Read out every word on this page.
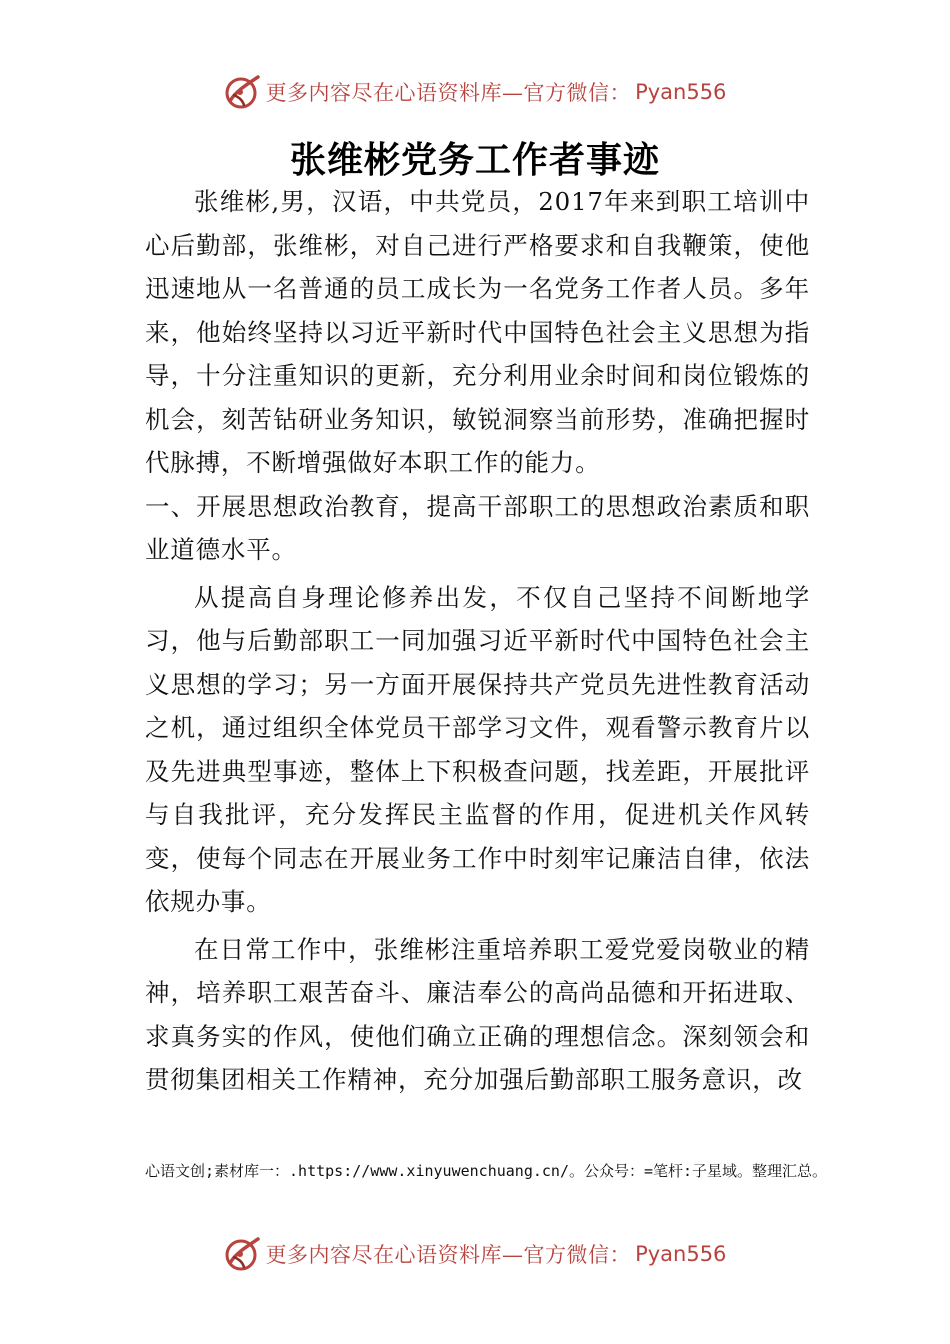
更多内容尽在心语资料库—官方微信： Pyan556
张维彬党务工作者事迹

张维彬,男，汉语，中共党员，2017年来到职工培训中心后勤部，张维彬，对自己进行严格要求和自我鞭策，使他迅速地从一名普通的员工成长为一名党务工作者人员。多年来，他始终坚持以习近平新时代中国特色社会主义思想为指导，十分注重知识的更新，充分利用业余时间和岗位锻炼的机会，刻苦钻研业务知识，敏锐洞察当前形势，准确把握时代脉搏，不断增强做好本职工作的能力。

一、开展思想政治教育，提高干部职工的思想政治素质和职业道德水平。

从提高自身理论修养出发，不仅自己坚持不间断地学习，他与后勤部职工一同加强习近平新时代中国特色社会主义思想的学习；另一方面开展保持共产党员先进性教育活动之机，通过组织全体党员干部学习文件，观看警示教育片以及先进典型事迹，整体上下积极查问题，找差距，开展批评与自我批评，充分发挥民主监督的作用，促进机关作风转变，使每个同志在开展业务工作中时刻牢记廉洁自律，依法依规办事。

在日常工作中，张维彬注重培养职工爱党爱岗敬业的精神，培养职工艰苦奋斗、廉洁奉公的高尚品德和开拓进取、求真务实的作风，使他们确立正确的理想信念。深刻领会和贯彻集团相关工作精神，充分加强后勤部职工服务意识，改

心语文创;素材库一：.https://www.xinyuwenchuang.cn/。公众号：=笔杆:子星域。整理汇总。
更多内容尽在心语资料库—官方微信： Pyan556
